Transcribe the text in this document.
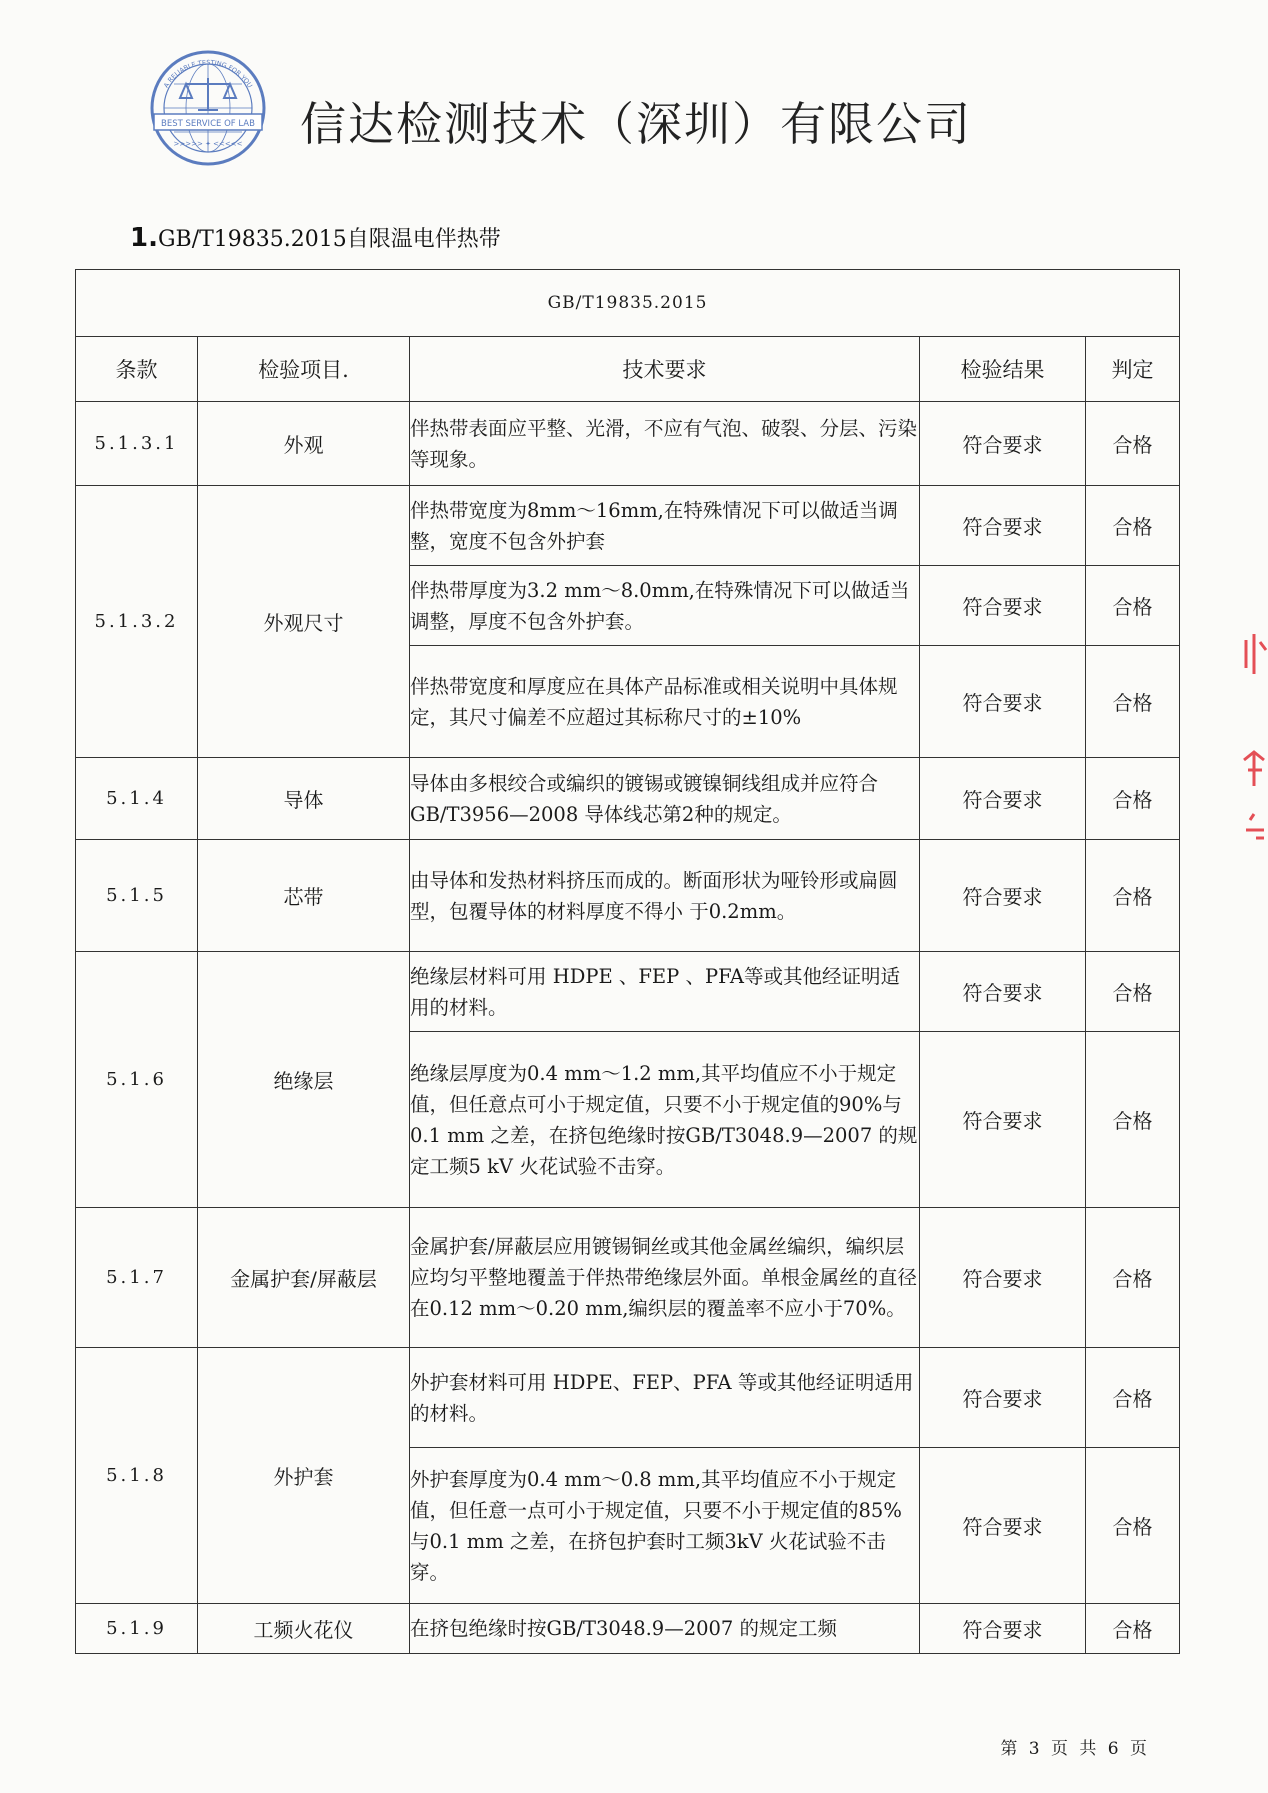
BEST SERVICE OF LAB
A RELIABLE TESTING FOR YOU
>>>>> ✦ <<<<< 信达检测技术（深圳）有限公司
1.GB/T19835.2015自限温电伴热带
GB/T19835.2015				
条款	检验项目.	技术要求	检验结果	判定
5.1.3.1	外观	伴热带表面应平整、光滑，不应有气泡、破裂、分层、污染等现象。	符合要求	合格
5.1.3.2	外观尺寸	伴热带宽度为8mm～16mm,在特殊情况下可以做适当调整，宽度不包含外护套	符合要求	合格
		伴热带厚度为3.2 mm～8.0mm,在特殊情况下可以做适当调整，厚度不包含外护套。	符合要求	合格
		伴热带宽度和厚度应在具体产品标准或相关说明中具体规定，其尺寸偏差不应超过其标称尺寸的±10%	符合要求	合格
5.1.4	导体	导体由多根绞合或编织的镀锡或镀镍铜线组成并应符合 GB/T3956—2008 导体线芯第2种的规定。	符合要求	合格
5.1.5	芯带	由导体和发热材料挤压而成的。断面形状为哑铃形或扁圆型，包覆导体的材料厚度不得小 于0.2mm。	符合要求	合格
5.1.6	绝缘层	绝缘层材料可用 HDPE 、FEP 、PFA等或其他经证明适用的材料。	符合要求	合格
		绝缘层厚度为0.4 mm～1.2 mm,其平均值应不小于规定值，但任意点可小于规定值，只要不小于规定值的90%与0.1 mm 之差，在挤包绝缘时按GB/T3048.9—2007 的规定工频5 kV 火花试验不击穿。	符合要求	合格
5.1.7	金属护套/屏蔽层	金属护套/屏蔽层应用镀锡铜丝或其他金属丝编织，编织层应均匀平整地覆盖于伴热带绝缘层外面。单根金属丝的直径在0.12 mm～0.20 mm,编织层的覆盖率不应小于70%。	符合要求	合格
5.1.8	外护套	外护套材料可用 HDPE、FEP、PFA 等或其他经证明适用的材料。	符合要求	合格
		外护套厚度为0.4 mm～0.8 mm,其平均值应不小于规定值，但任意一点可小于规定值，只要不小于规定值的85%与0.1 mm 之差，在挤包护套时工频3kV 火花试验不击穿。	符合要求	合格
5.1.9	工频火花仪	在挤包绝缘时按GB/T3048.9—2007 的规定工频	符合要求	合格
第 3 页 共 6 页
